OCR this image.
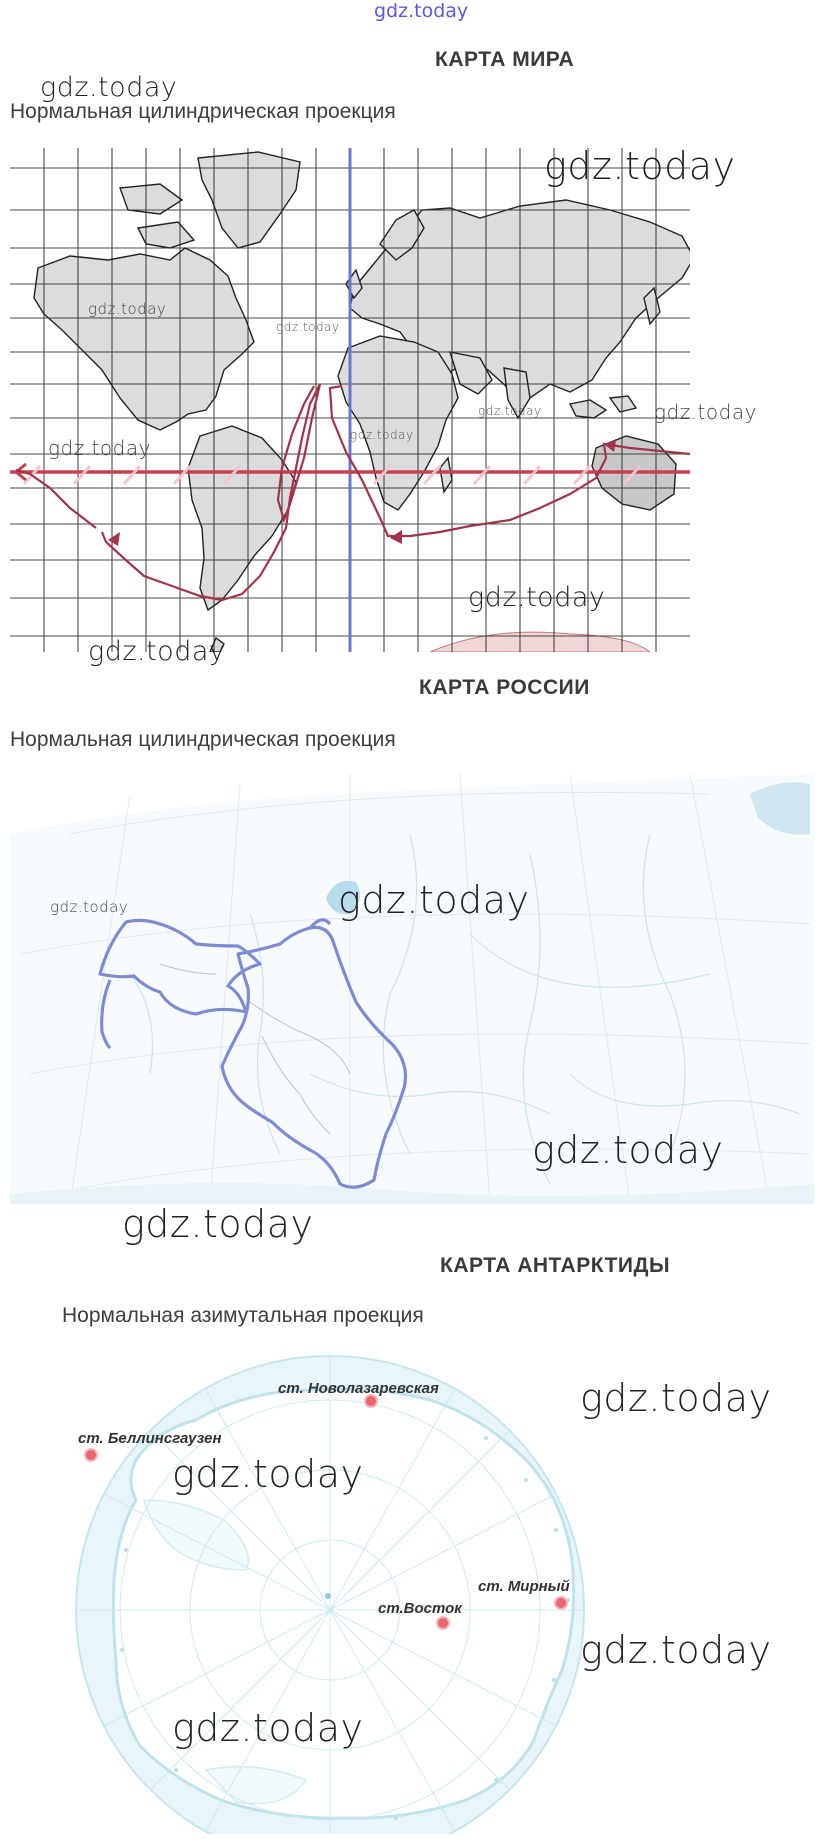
gdz.today
КАРТА МИРА
Нормальная цилиндрическая проекция
gdz.today
gdz.today
gdz.today
gdz.today
gdz.today
gdz.today
gdz.today
gdz.today
gdz.today
gdz.today
КАРТА РОССИИ
Нормальная цилиндрическая проекция
gdz.today	gdz.today
gdz.today
gdz.today
КАРТА АНТАРКТИДЫ
Нормальная азимутальная проекция
ст. Новолазаревская
ст. Беллинсгаузен
ст. Мирный
ст.Восток
gdz.today
gdz.today
gdz.today
gdz.today
